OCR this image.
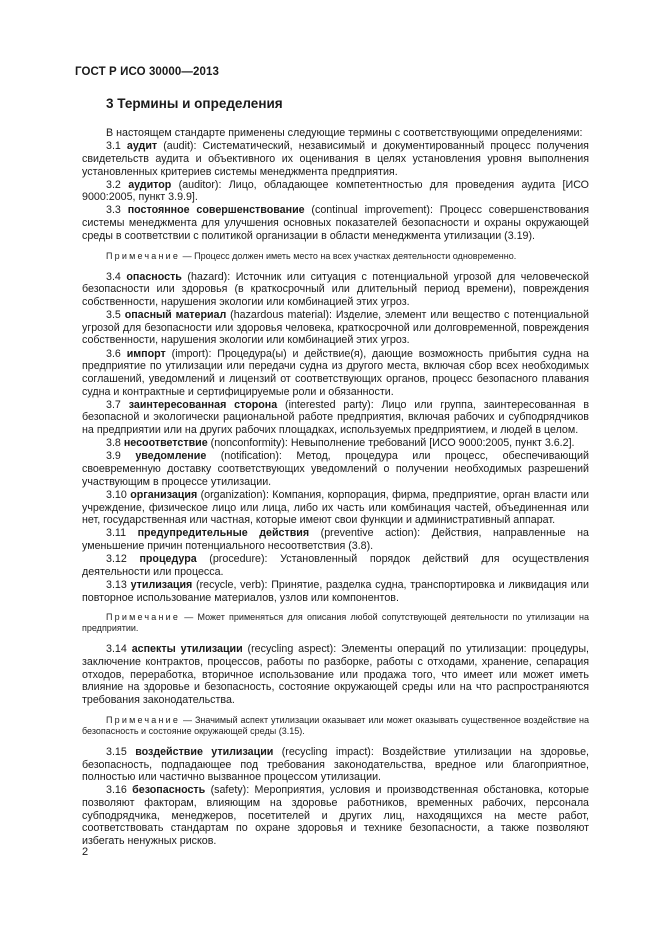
ГОСТ Р ИСО 30000—2013
3 Термины и определения

В настоящем стандарте применены следующие термины с соответствующими определениями:

3.1 аудит (audit): Систематический, независимый и документированный процесс получения свидетельств аудита и объективного их оценивания в целях установления уровня выполнения установленных критериев системы менеджмента предприятия.

3.2 аудитор (auditor): Лицо, обладающее компетентностью для проведения аудита [ИСО 9000:2005, пункт 3.9.9].

3.3 постоянное совершенствование (continual improvement): Процесс совершенствования системы менеджмента для улучшения основных показателей безопасности и охраны окружающей среды в соответствии с политикой организации в области менеджмента утилизации (3.19).

Примечание — Процесс должен иметь место на всех участках деятельности одновременно.

3.4 опасность (hazard): Источник или ситуация с потенциальной угрозой для человеческой безопасности или здоровья (в краткосрочный или длительный период времени), повреждения собственности, нарушения экологии или комбинацией этих угроз.

3.5 опасный материал (hazardous material): Изделие, элемент или вещество с потенциальной угрозой для безопасности или здоровья человека, краткосрочной или долговременной, повреждения собственности, нарушения экологии или комбинацией этих угроз.

3.6 импорт (import): Процедура(ы) и действие(я), дающие возможность прибытия судна на предприятие по утилизации или передачи судна из другого места, включая сбор всех необходимых соглашений, уведомлений и лицензий от соответствующих органов, процесс безопасного плавания судна и контрактные и сертифицируемые роли и обязанности.

3.7 заинтересованная сторона (interested party): Лицо или группа, заинтересованная в безопасной и экологически рациональной работе предприятия, включая рабочих и субподрядчиков на предприятии или на других рабочих площадках, используемых предприятием, и людей в целом.

3.8 несоответствие (nonconformity): Невыполнение требований [ИСО 9000:2005, пункт 3.6.2].

3.9 уведомление (notification): Метод, процедура или процесс, обеспечивающий своевременную доставку соответствующих уведомлений о получении необходимых разрешений участвующим в процессе утилизации.

3.10 организация (organization): Компания, корпорация, фирма, предприятие, орган власти или учреждение, физическое лицо или лица, либо их часть или комбинация частей, объединенная или нет, государственная или частная, которые имеют свои функции и административный аппарат.

3.11 предупредительные действия (preventive action): Действия, направленные на уменьшение причин потенциального несоответствия (3.8).

3.12 процедура (procedure): Установленный порядок действий для осуществления деятельности или процесса.

3.13 утилизация (recycle, verb): Принятие, разделка судна, транспортировка и ликвидация или повторное использование материалов, узлов или компонентов.

Примечание — Может применяться для описания любой сопутствующей деятельности по утилизации на предприятии.

3.14 аспекты утилизации (recycling aspect): Элементы операций по утилизации: процедуры, заключение контрактов, процессов, работы по разборке, работы с отходами, хранение, сепарация отходов, переработка, вторичное использование или продажа того, что имеет или может иметь влияние на здоровье и безопасность, состояние окружающей среды или на что распространяются требования законодательства.

Примечание — Значимый аспект утилизации оказывает или может оказывать существенное воздействие на безопасность и состояние окружающей среды (3.15).

3.15 воздействие утилизации (recycling impact): Воздействие утилизации на здоровье, безопасность, подпадающее под требования законодательства, вредное или благоприятное, полностью или частично вызванное процессом утилизации.

3.16 безопасность (safety): Мероприятия, условия и производственная обстановка, которые позволяют факторам, влияющим на здоровье работников, временных рабочих, персонала субподрядчика, менеджеров, посетителей и других лиц, находящихся на месте работ, соответствовать стандартам по охране здоровья и технике безопасности, а также позволяют избегать ненужных рисков.

2
